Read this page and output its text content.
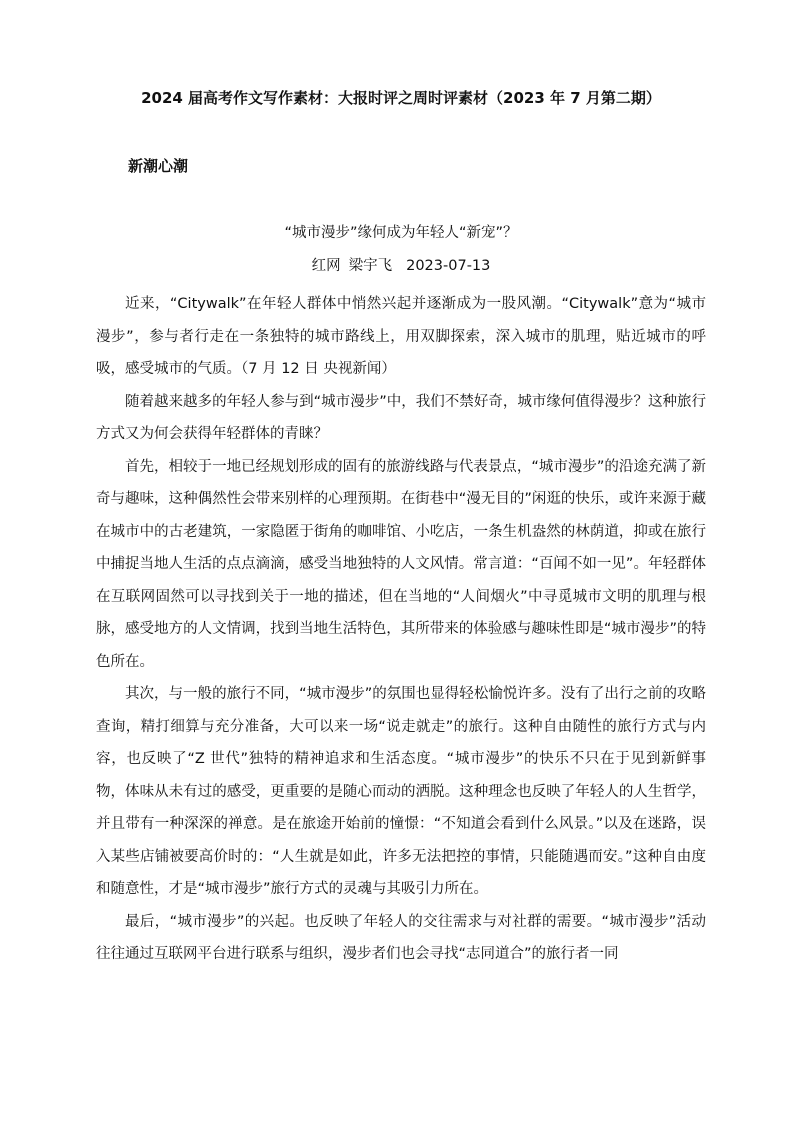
2024 届高考作文写作素材：大报时评之周时评素材（2023 年 7 月第二期）
新潮心潮
“城市漫步”缘何成为年轻人“新宠”？
红网 梁宇飞 2023-07-13

近来，“Citywalk”在年轻人群体中悄然兴起并逐渐成为一股风潮。“Citywalk”意为“城市漫步”，参与者行走在一条独特的城市路线上，用双脚探索，深入城市的肌理，贴近城市的呼吸，感受城市的气质。（7 月 12 日 央视新闻）

随着越来越多的年轻人参与到“城市漫步”中，我们不禁好奇，城市缘何值得漫步？这种旅行方式又为何会获得年轻群体的青睐？

首先，相较于一地已经规划形成的固有的旅游线路与代表景点，“城市漫步”的沿途充满了新奇与趣味，这种偶然性会带来别样的心理预期。在街巷中“漫无目的”闲逛的快乐，或许来源于藏在城市中的古老建筑，一家隐匿于街角的咖啡馆、小吃店，一条生机盎然的林荫道，抑或在旅行中捕捉当地人生活的点点滴滴，感受当地独特的人文风情。常言道：“百闻不如一见”。年轻群体在互联网固然可以寻找到关于一地的描述，但在当地的“人间烟火”中寻觅城市文明的肌理与根脉，感受地方的人文情调，找到当地生活特色，其所带来的体验感与趣味性即是“城市漫步”的特色所在。

其次，与一般的旅行不同，“城市漫步”的氛围也显得轻松愉悦许多。没有了出行之前的攻略查询，精打细算与充分准备，大可以来一场“说走就走”的旅行。这种自由随性的旅行方式与内容，也反映了“Z 世代”独特的精神追求和生活态度。“城市漫步”的快乐不只在于见到新鲜事物，体味从未有过的感受，更重要的是随心而动的洒脱。这种理念也反映了年轻人的人生哲学，并且带有一种深深的禅意。是在旅途开始前的憧憬：“不知道会看到什么风景。”以及在迷路，误入某些店铺被要高价时的：“人生就是如此，许多无法把控的事情，只能随遇而安。”这种自由度和随意性，才是“城市漫步”旅行方式的灵魂与其吸引力所在。

最后，“城市漫步”的兴起。也反映了年轻人的交往需求与对社群的需要。“城市漫步”活动往往通过互联网平台进行联系与组织，漫步者们也会寻找“志同道合”的旅行者一同
